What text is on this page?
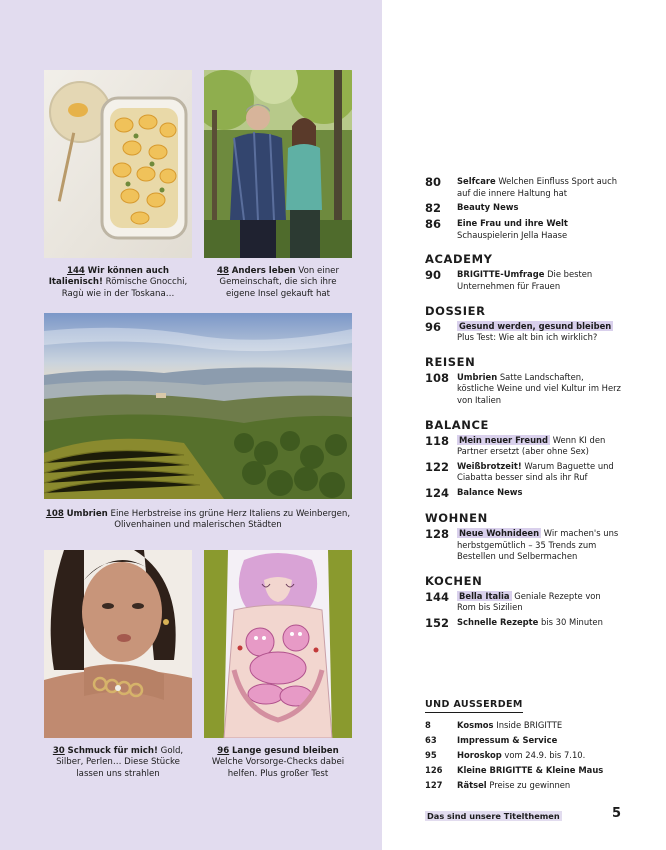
144 Wir können auch Italienisch! Römische Gnocchi, Ragù wie in der Toskana…
48 Anders leben Von einer Gemeinschaft, die sich ihre eigene Insel gekauft hat
108 Umbrien Eine Herbstreise ins grüne Herz Italiens zu Weinbergen, Olivenhainen und malerischen Städten
30 Schmuck für mich! Gold, Silber, Perlen… Diese Stücke lassen uns strahlen
96 Lange gesund bleiben Welche Vorsorge-Checks dabei helfen. Plus großer Test
80	Selfcare Welchen Einfluss Sport auch auf die innere Haltung hat
82	Beauty News
86	Eine Frau und ihre Welt Schauspielerin Jella Haase
ACADEMY
90	BRIGITTE-Umfrage Die besten Unternehmen für Frauen
DOSSIER
96	Gesund werden, gesund bleiben Plus Test: Wie alt bin ich wirklich?
REISEN
108 Umbrien Satte Landschaften, köstliche Weine und viel Kultur im Herz von Italien
BALANCE
118	Mein neuer Freund Wenn KI den Partner ersetzt (aber ohne Sex)
122 Weißbrotzeit! Warum Baguette und Ciabatta besser sind als ihr Ruf
124 Balance News
WOHNEN
128	Neue Wohnideen Wir machen's uns herbstgemütlich – 35 Trends zum Bestellen und Selbermachen
KOCHEN
144	Bella Italia Geniale Rezepte von Rom bis Sizilien
152 Schnelle Rezepte bis 30 Minuten
UND AUSSERDEM
8	Kosmos Inside BRIGITTE
63	Impressum & Service
95	Horoskop vom 24.9. bis 7.10.
126	Kleine BRIGITTE & Kleine Maus
127	Rätsel Preise zu gewinnen
Das sind unsere Titelthemen	5
